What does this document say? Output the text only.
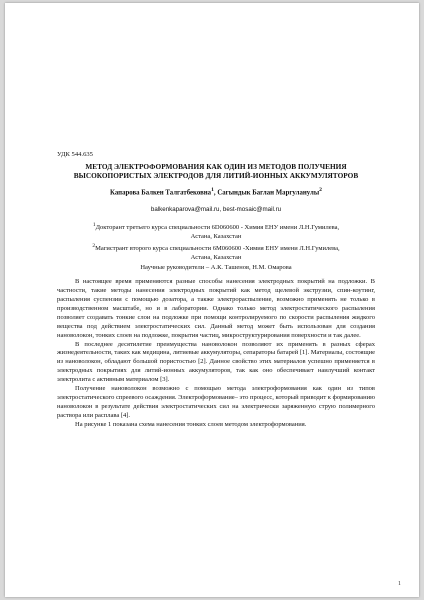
УДК 544.635

МЕТОД ЭЛЕКТРОФОРМОВАНИЯ КАК ОДИН ИЗ МЕТОДОВ ПОЛУЧЕНИЯ
ВЫСОКОПОРИСТЫХ ЭЛЕКТРОДОВ ДЛЯ ЛИТИЙ-ИОННЫХ АККУМУЛЯТОРОВ
Капарова Балкен Талгатбековна$^1$, Сагындык Баглан Маргуланулы$^2$
balkenkaparova@mail.ru, best-mosaic@mail.ru
$^1$Докторант третьего курса специальности 6D060600 - Химия ЕНУ имени Л.Н.Гумилева,
Астана, Казахстан
$^2$Магистрант второго курса специальности 6М060600 -Химия ЕНУ имени Л.Н.Гумилева,
Астана, Казахстан
Научные руководители – А.К. Ташенов, Н.М. Омарова

В настоящее время применяются разные способы нанесения электродных покрытий на подложки. В частности, такие методы нанесения электродных покрытий как метод щелевой экструзии, спин-коутинг, распыления суспензии с помощью дозатора, а также электрораспыление, возможно применять не только в производственном масштабе, но и в лаборатории. Однако только метод электростатического распыления позволяет создавать тонкие слои на подложке при помощи контролируемого по скорости распыления жидкого вещества под действием электростатических сил. Данный метод может быть использован для создания нановолокон, тонких слоев на подложке, покрытия частиц, микроструктурирования поверхности и так далее.

В последнее десятилетие преимущества нановолокон позволяют их применять в разных сферах жизнедеятельности, таких как медицина, литиевые аккумуляторы, сепараторы батарей [1]. Материалы, состоящие из нановолокон, обладают большой пористостью [2]. Данное свойство этих материалов успешно применяется в электродных покрытиях для литий-ионных аккумуляторов, так как оно обеспечивает наилучший контакт электролита с активным материалом [3].

Получение нановолокон возможно с помощью метода электроформования как один из типов электростатического спреевого осаждения. Электроформование– это процесс, который приводит к формированию нановолокон в результате действия электростатических сил на электрически заряженную струю полимерного раствора или расплава [4].

На рисунке 1 показана схема нанесения тонких слоев методом электроформования.

1
